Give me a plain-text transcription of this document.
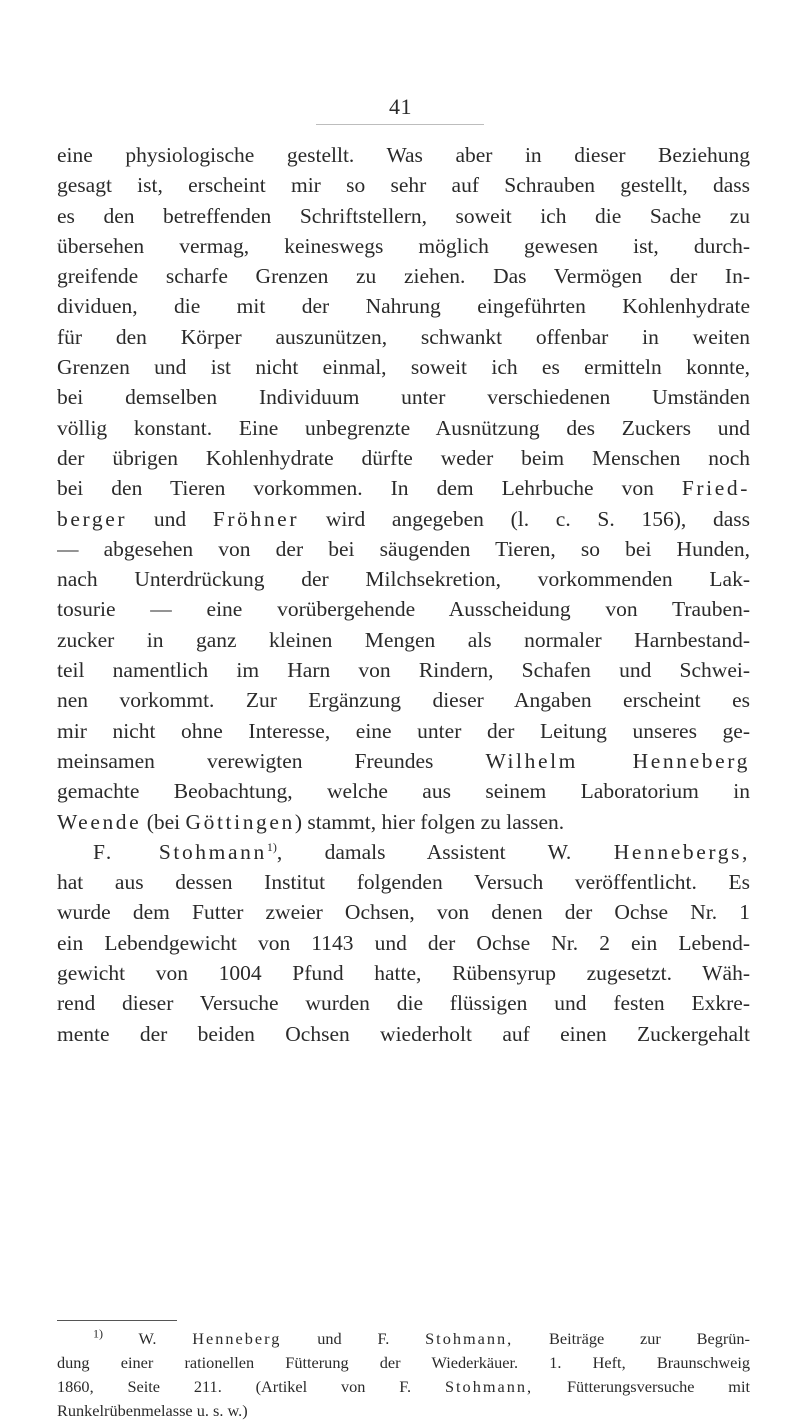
41
eine physiologische gestellt. Was aber in dieser Beziehung
gesagt ist, erscheint mir so sehr auf Schrauben gestellt, dass
es den betreffenden Schriftstellern, soweit ich die Sache zu
übersehen vermag, keineswegs möglich gewesen ist, durch-
greifende scharfe Grenzen zu ziehen. Das Vermögen der In-
dividuen, die mit der Nahrung eingeführten Kohlenhydrate
für den Körper auszunützen, schwankt offenbar in weiten
Grenzen und ist nicht einmal, soweit ich es ermitteln konnte,
bei demselben Individuum unter verschiedenen Umständen
völlig konstant. Eine unbegrenzte Ausnützung des Zuckers und
der übrigen Kohlenhydrate dürfte weder beim Menschen noch
bei den Tieren vorkommen. In dem Lehrbuche von Fried-
berger und Fröhner wird angegeben (l. c. S. 156), dass
— abgesehen von der bei säugenden Tieren, so bei Hunden,
nach Unterdrückung der Milchsekretion, vorkommenden Lak-
tosurie — eine vorübergehende Ausscheidung von Trauben-
zucker in ganz kleinen Mengen als normaler Harnbestand-
teil namentlich im Harn von Rindern, Schafen und Schwei-
nen vorkommt. Zur Ergänzung dieser Angaben erscheint es
mir nicht ohne Interesse, eine unter der Leitung unseres ge-
meinsamen verewigten Freundes Wilhelm Henneberg
gemachte Beobachtung, welche aus seinem Laboratorium in
Weende (bei Göttingen) stammt, hier folgen zu lassen.
F. Stohmann$^{1)}$, damals Assistent W. Hennebergs,
hat aus dessen Institut folgenden Versuch veröffentlicht. Es
wurde dem Futter zweier Ochsen, von denen der Ochse Nr. 1
ein Lebendgewicht von 1143 und der Ochse Nr. 2 ein Lebend-
gewicht von 1004 Pfund hatte, Rübensyrup zugesetzt. Wäh-
rend dieser Versuche wurden die flüssigen und festen Exkre-
mente der beiden Ochsen wiederholt auf einen Zuckergehalt
$^{1)}$ W. Henneberg und F. Stohmann, Beiträge zur Begrün-
dung einer rationellen Fütterung der Wiederkäuer. 1. Heft, Braunschweig
1860, Seite 211. (Artikel von F. Stohmann, Fütterungsversuche mit
Runkelrübenmelasse u. s. w.)
